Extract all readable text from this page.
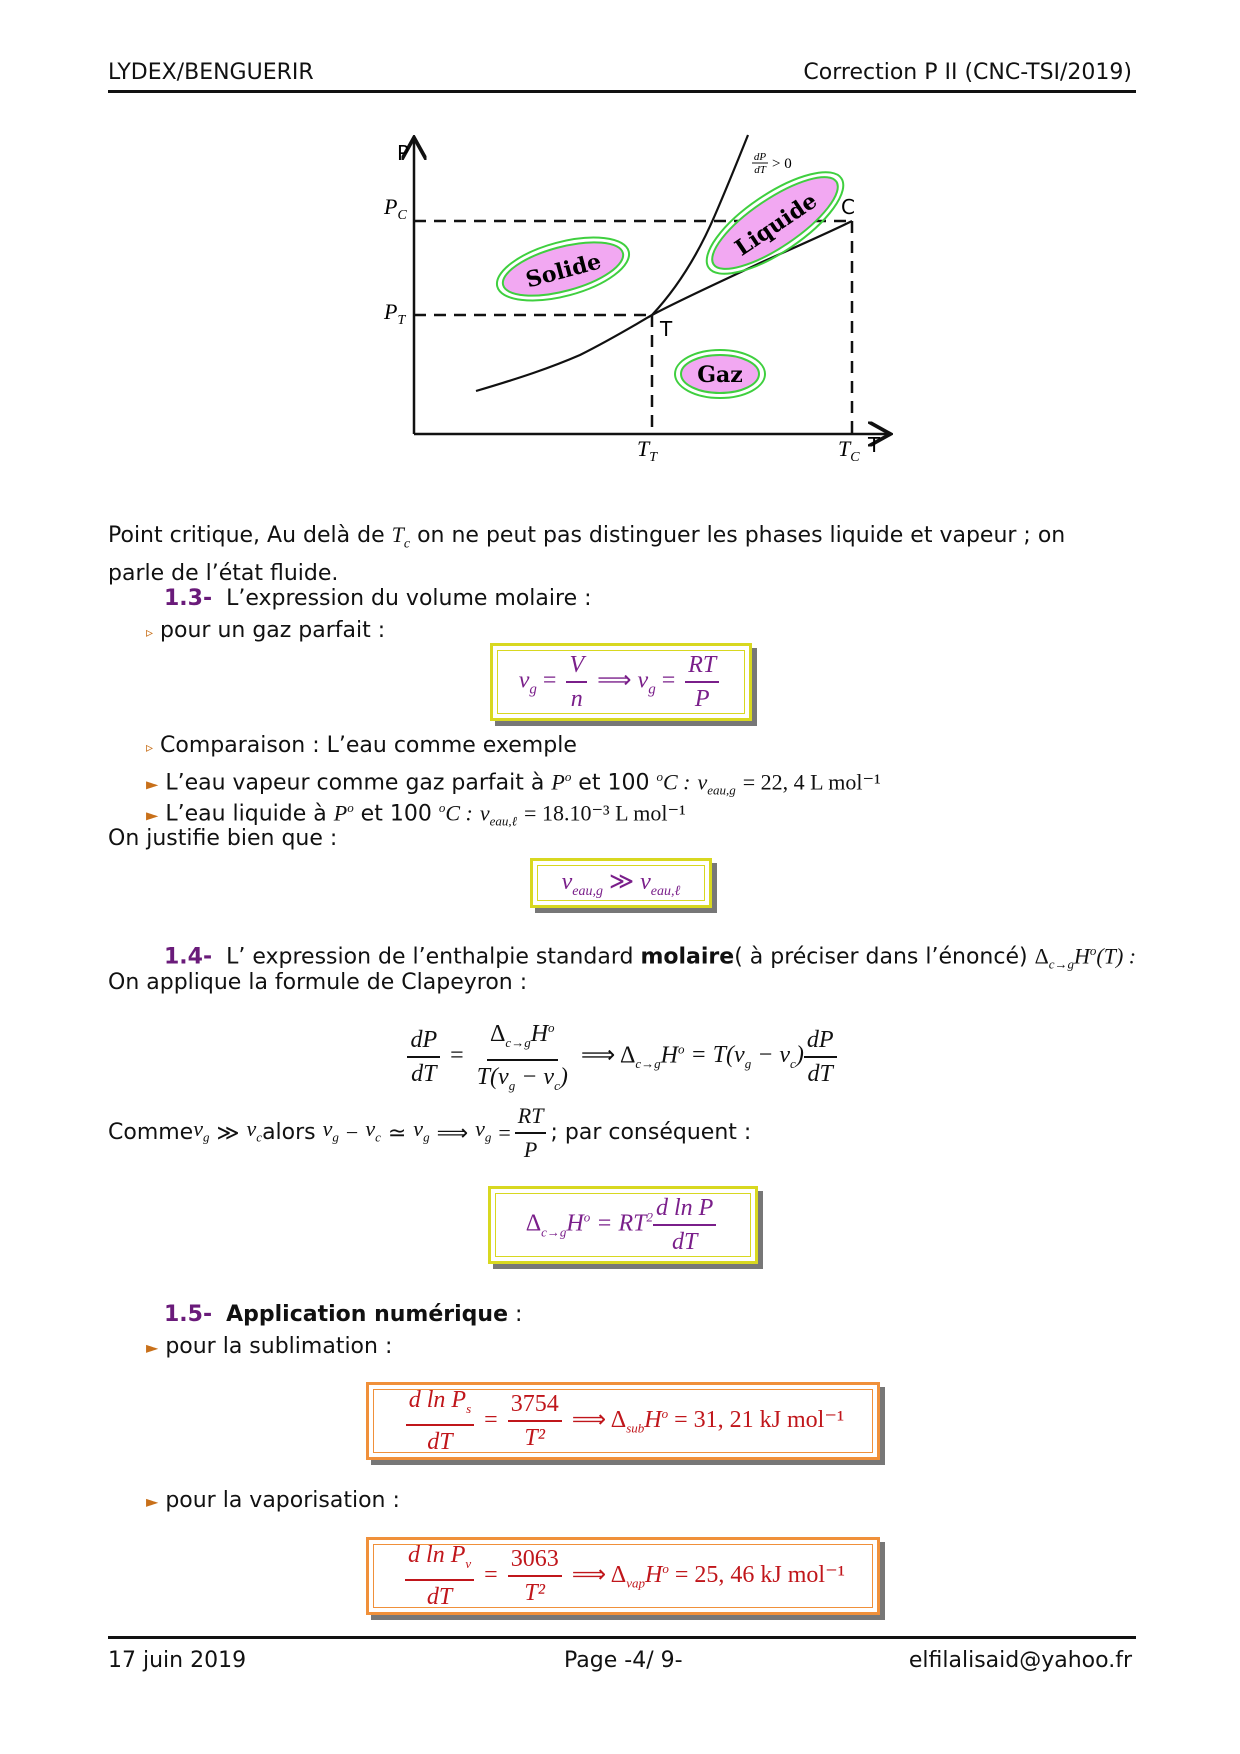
LYDEX/BENGUERIR	Correction P II (CNC-TSI/2019)
Solide
Liquide
Gaz
P
T
$P_C$
$P_T$
$T_T$	$T_C$
C
T
dP
dT > 0
Point critique, Au delà de $T_c$ on ne peut pas distinguer les phases liquide et vapeur ; on
parle de l’état fluide.
1.3- L’expression du volume molaire :
▹ pour un gaz parfait :
$v_g = \frac{V}{n}$ ⟹ $v_g = \frac{RT}{P}$
▹ Comparaison : L’eau comme exemple
► L’eau vapeur comme gaz parfait à $P^o$ et 100 $^o$C : $v_{eau,g} = 22$, 4 L mol⁻¹
► L’eau liquide à $P^o$ et 100 $^o$C : $v_{eau,\ell} = 18.10^{-3}$ L mol⁻¹
On justifie bien que :
$v_{eau,g}$ ≫ $v_{eau,\ell}$
1.4- L’ expression de l’enthalpie standard molaire( à préciser dans l’énoncé) $\Delta_{c\to g}H^o(T)$ :
On applique la formule de Clapeyron :
$\frac{dP}{dT} = \frac{\Delta_{c\to g}H^o}{T(v_g - v_c)}$ ⟹ $\Delta_{c\to g}H^o = T(v_g - v_c) \frac{dP}{dT}$
Comme $v_g$
≫
$v_c$ alors
$v_g$
−
$v_c$
≃
$v_g$
⟹
$v_g$
= $\frac{RT}{P}$ ; par conséquent :
$\Delta_{c\to g}H^o = RT^2 \frac{\text{d ln P}}{dT}$
1.5- Application numérique :
► pour la sublimation :
$\frac{d \ln P_s}{dT} = \frac{3754}{\text{T²}}$ ⟹ $\Delta_{sub}H^o = 31$, 21 kJ mol⁻¹
► pour la vaporisation :
$\frac{d \ln P_v}{dT} = \frac{3063}{\text{T²}}$ ⟹ $\Delta_{vap}H^o = 25$, 46 kJ mol⁻¹
17 juin 2019	Page -4/ 9-	elfilalisaid@yahoo.fr
